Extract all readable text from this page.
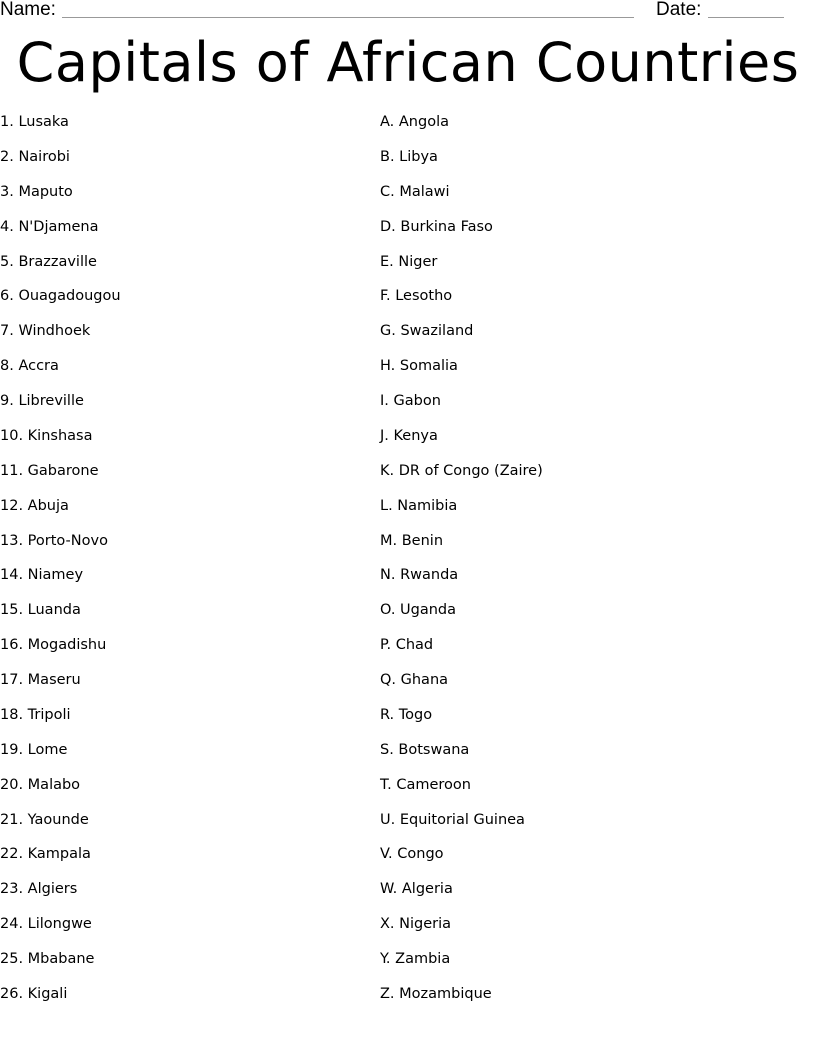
Name:	Date:
Capitals of African Countries
1. Lusaka
2. Nairobi
3. Maputo
4. N'Djamena
5. Brazzaville
6. Ouagadougou
7. Windhoek
8. Accra
9. Libreville
10. Kinshasa
11. Gabarone
12. Abuja
13. Porto-Novo
14. Niamey
15. Luanda
16. Mogadishu
17. Maseru
18. Tripoli
19. Lome
20. Malabo
21. Yaounde
22. Kampala
23. Algiers
24. Lilongwe
25. Mbabane
26. Kigali
A. Angola
B. Libya
C. Malawi
D. Burkina Faso
E. Niger
F. Lesotho
G. Swaziland
H. Somalia
I. Gabon
J. Kenya
K. DR of Congo (Zaire)
L. Namibia
M. Benin
N. Rwanda
O. Uganda
P. Chad
Q. Ghana
R. Togo
S. Botswana
T. Cameroon
U. Equitorial Guinea
V. Congo
W. Algeria
X. Nigeria
Y. Zambia
Z. Mozambique
